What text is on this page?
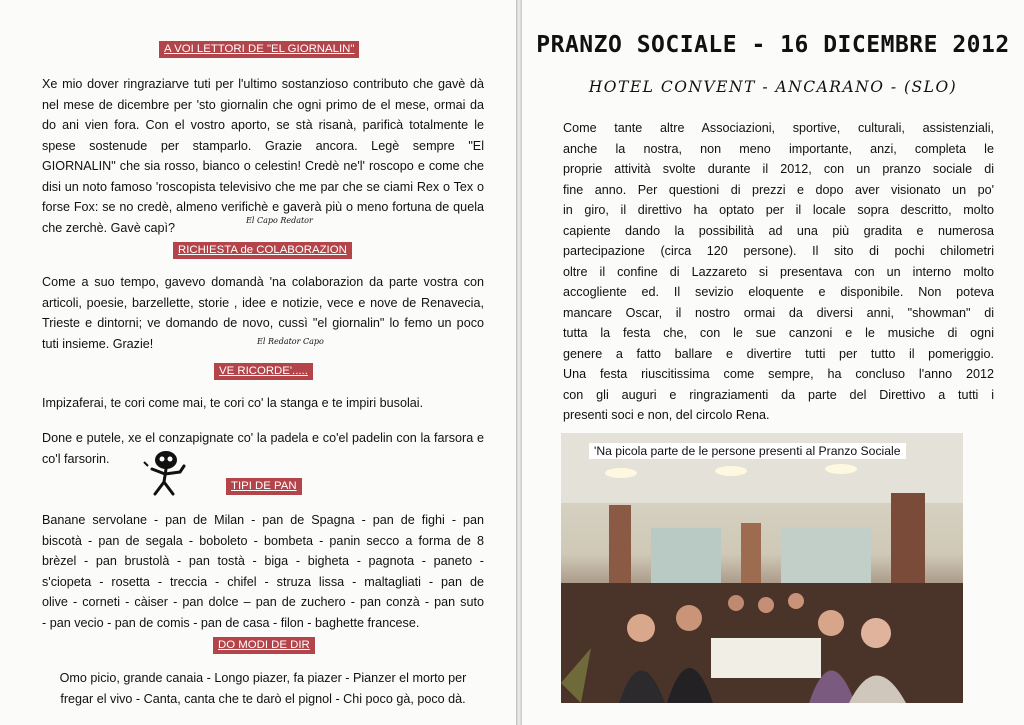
A VOI LETTORI DE "EL GIORNALIN"
Xe mio dover ringraziarve tuti per l'ultimo sostanzioso contributo che gavè dà
nel mese de dicembre per 'sto giornalin che ogni primo de el mese, ormai da
do ani vien fora. Con el vostro aporto, se stà risanà, parificà totalmente le
spese sostenude per stamparlo. Grazie ancora. Legè sempre "El
GIORNALIN" che sia rosso, bianco o celestin! Credè ne'l' roscopo e come che
disi un noto famoso 'roscopista televisivo che me par che se ciami Rex o Tex o
forse Fox: se no credè, almeno verifichè e gaverà più o meno fortuna de quela
che zerchè. Gavè capì?	El Capo Redator
RICHIESTA de COLABORAZION
Come a suo tempo, gavevo domandà 'na colaborazion da parte vostra con
articoli, poesie, barzellette, storie , idee e notizie, vece e nove de Renavecia,
Trieste e dintorni; ve domando de novo, cussì "el giornalin" lo femo un poco
tuti insieme. Grazie!	El Redator Capo
VE RICORDE'.....
Impizaferai, te cori come mai, te cori co' la stanga e te impiri busolai.
Done e putele, xe el conzapignate co' la padela e co'el padelin con la farsora e
co'l farsorin.
TIPI DE PAN
Banane servolane - pan de Milan - pan de Spagna - pan de fighi - pan
biscotà - pan de segala - boboleto - bombeta - panin secco a forma de 8
brèzel - pan brustolà - pan tostà - biga - bigheta - pagnota - paneto -
s'ciopeta - rosetta - treccia - chifel - struza lissa - maltagliati - pan de
olive - corneti - càiser - pan dolce – pan de zuchero - pan conzà - pan suto
- pan vecio - pan de comis - pan de casa - filon - baghette francese.
DO MODI DE DIR
Omo picio, grande canaia - Longo piazer, fa piazer - Pianzer el morto per
fregar el vivo - Canta, canta che te darò el pignol - Chi poco gà, poco dà.
PRANZO SOCIALE - 16 DICEMBRE 2012
HOTEL CONVENT - ANCARANO - (SLO)
Come tante altre Associazioni, sportive, culturali, assistenziali,
anche la nostra, non meno importante, anzi, completa le
proprie attività svolte durante il 2012, con un pranzo sociale di
fine anno. Per questioni di prezzi e dopo aver visionato un po'
in giro, il direttivo ha optato per il locale sopra descritto, molto
capiente dando la possibilità ad una più gradita e numerosa
partecipazione (circa 120 persone). Il sito di pochi chilometri
oltre il confine di Lazzareto si presentava con un interno molto
accogliente ed. Il sevizio eloquente e disponibile. Non poteva
mancare Oscar, il nostro ormai da diversi anni, "showman" di
tutta la festa che, con le sue canzoni e le musiche di ogni
genere a fatto ballare e divertire tutti per tutto il pomeriggio.
Una festa riuscitissima come sempre, ha concluso l'anno 2012
con gli auguri e ringraziamenti da parte del Direttivo a tutti i
presenti soci e non, del circolo Rena.
'Na picola parte de le persone presenti al Pranzo Sociale
